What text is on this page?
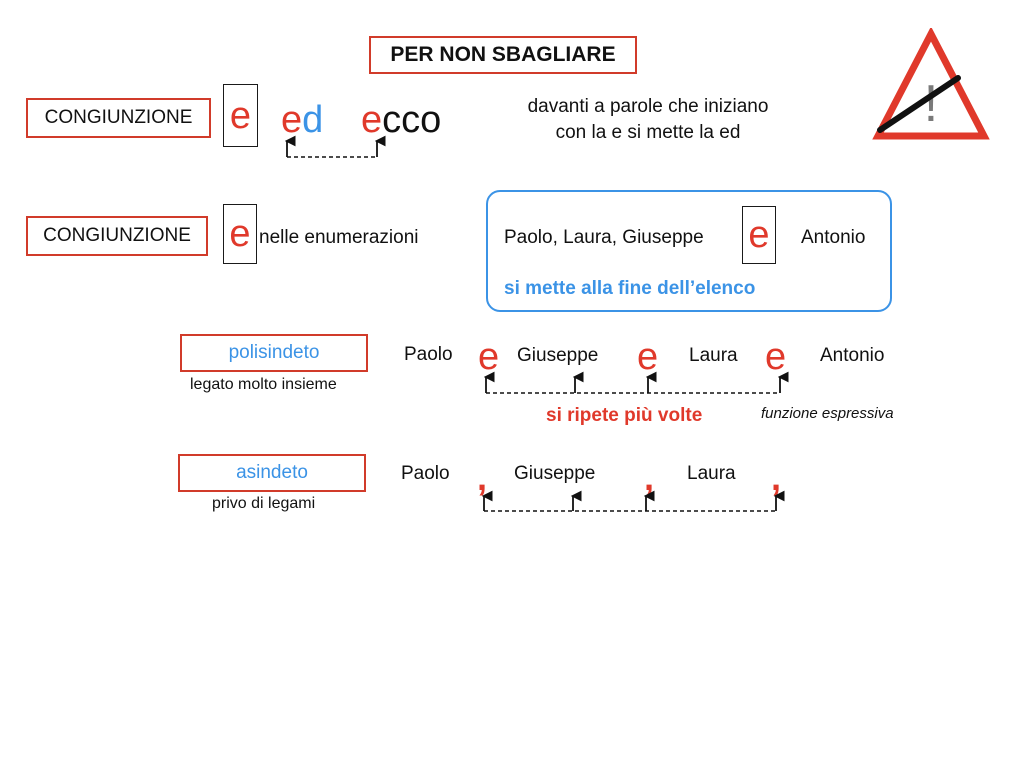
PER NON SBAGLIARE
!
CONGIUNZIONE e ed ecco	davanti a parole che iniziano
con la e si mette la ed
CONGIUNZIONE	e nelle enumerazioni	Paolo, Laura, Giuseppe e Antonio
si mette alla fine dell’elenco
polisindeto
legato molto insieme
Paolo e Giuseppe e Laura e Antonio
si ripete più volte	funzione espressiva
asindeto
privo di legami
Paolo , Giuseppe , Laura ,
